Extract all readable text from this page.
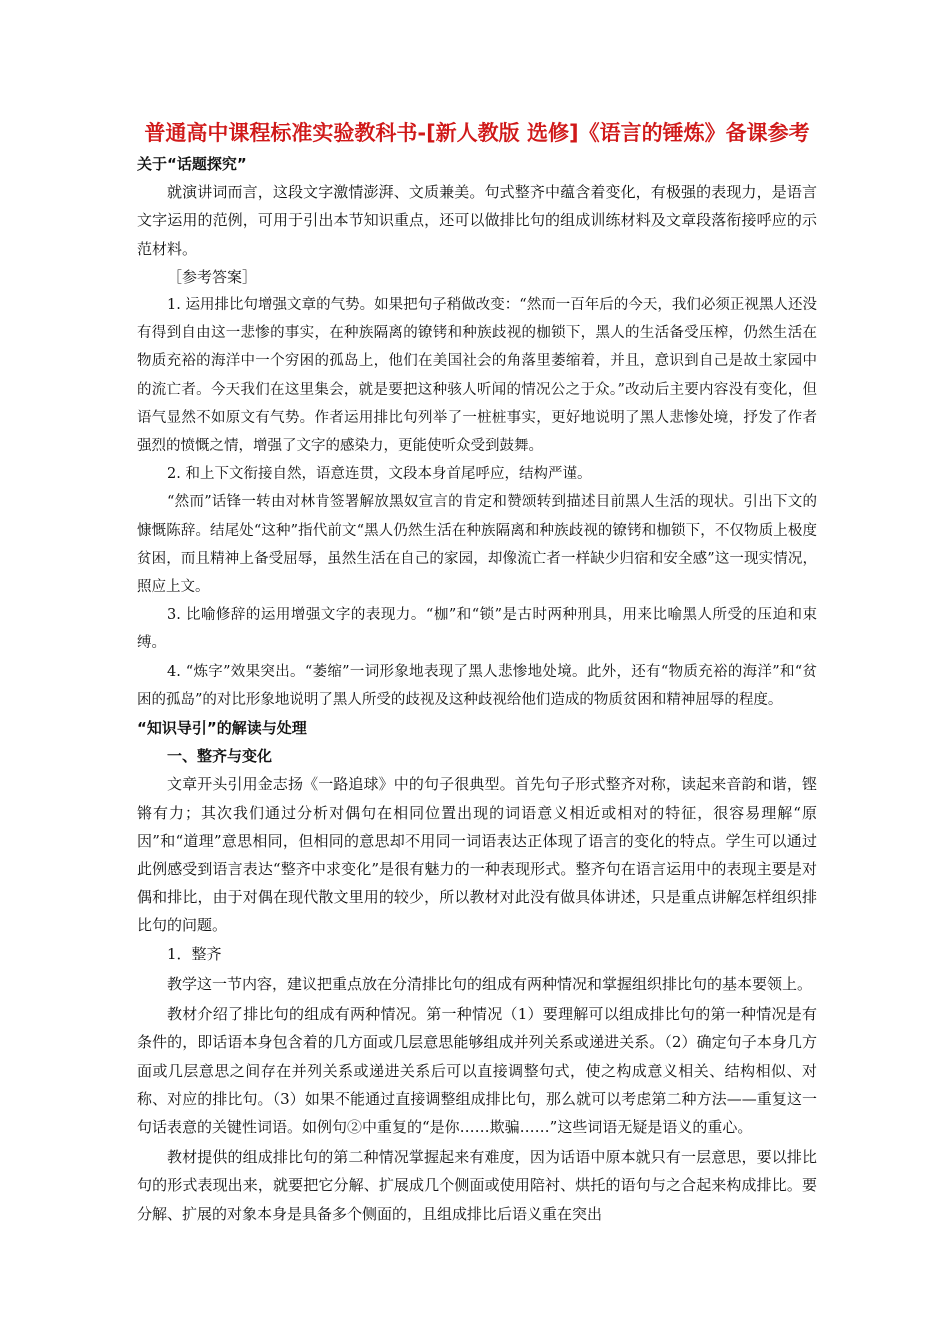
普通高中课程标准实验教科书-[新人教版 选修]《语言的锤炼》备课参考
关于“话题探究”

就演讲词而言，这段文字激情澎湃、文质兼美。句式整齐中蕴含着变化，有极强的表现力，是语言文字运用的范例，可用于引出本节知识重点，还可以做排比句的组成训练材料及文章段落衔接呼应的示范材料。

［参考答案］

1. 运用排比句增强文章的气势。如果把句子稍做改变：“然而一百年后的今天，我们必须正视黑人还没有得到自由这一悲惨的事实，在种族隔离的镣铐和种族歧视的枷锁下，黑人的生活备受压榨，仍然生活在物质充裕的海洋中一个穷困的孤岛上，他们在美国社会的角落里萎缩着，并且，意识到自己是故土家园中的流亡者。今天我们在这里集会，就是要把这种骇人听闻的情况公之于众。”改动后主要内容没有变化，但语气显然不如原文有气势。作者运用排比句列举了一桩桩事实，更好地说明了黑人悲惨处境，抒发了作者强烈的愤慨之情，增强了文字的感染力，更能使听众受到鼓舞。

2. 和上下文衔接自然，语意连贯，文段本身首尾呼应，结构严谨。

“然而”话锋一转由对林肯签署解放黑奴宣言的肯定和赞颂转到描述目前黑人生活的现状。引出下文的慷慨陈辞。结尾处“这种”指代前文“黑人仍然生活在种族隔离和种族歧视的镣铐和枷锁下，不仅物质上极度贫困，而且精神上备受屈辱，虽然生活在自己的家园，却像流亡者一样缺少归宿和安全感”这一现实情况，照应上文。

3. 比喻修辞的运用增强文字的表现力。“枷”和“锁”是古时两种刑具，用来比喻黑人所受的压迫和束缚。

4. “炼字”效果突出。“萎缩”一词形象地表现了黑人悲惨地处境。此外，还有“物质充裕的海洋”和“贫困的孤岛”的对比形象地说明了黑人所受的歧视及这种歧视给他们造成的物质贫困和精神屈辱的程度。

“知识导引”的解读与处理
一、整齐与变化

文章开头引用金志扬《一路追球》中的句子很典型。首先句子形式整齐对称，读起来音韵和谐，铿锵有力；其次我们通过分析对偶句在相同位置出现的词语意义相近或相对的特征，很容易理解“原因”和“道理”意思相同，但相同的意思却不用同一词语表达正体现了语言的变化的特点。学生可以通过此例感受到语言表达“整齐中求变化”是很有魅力的一种表现形式。整齐句在语言运用中的表现主要是对偶和排比，由于对偶在现代散文里用的较少，所以教材对此没有做具体讲述，只是重点讲解怎样组织排比句的问题。

1．整齐

教学这一节内容，建议把重点放在分清排比句的组成有两种情况和掌握组织排比句的基本要领上。

教材介绍了排比句的组成有两种情况。第一种情况（1）要理解可以组成排比句的第一种情况是有条件的，即话语本身包含着的几方面或几层意思能够组成并列关系或递进关系。（2）确定句子本身几方面或几层意思之间存在并列关系或递进关系后可以直接调整句式，使之构成意义相关、结构相似、对称、对应的排比句。（3）如果不能通过直接调整组成排比句，那么就可以考虑第二种方法——重复这一句话表意的关键性词语。如例句②中重复的“是你……欺骗……”这些词语无疑是语义的重心。

教材提供的组成排比句的第二种情况掌握起来有难度，因为话语中原本就只有一层意思，要以排比句的形式表现出来，就要把它分解、扩展成几个侧面或使用陪衬、烘托的语句与之合起来构成排比。要分解、扩展的对象本身是具备多个侧面的，且组成排比后语义重在突出
